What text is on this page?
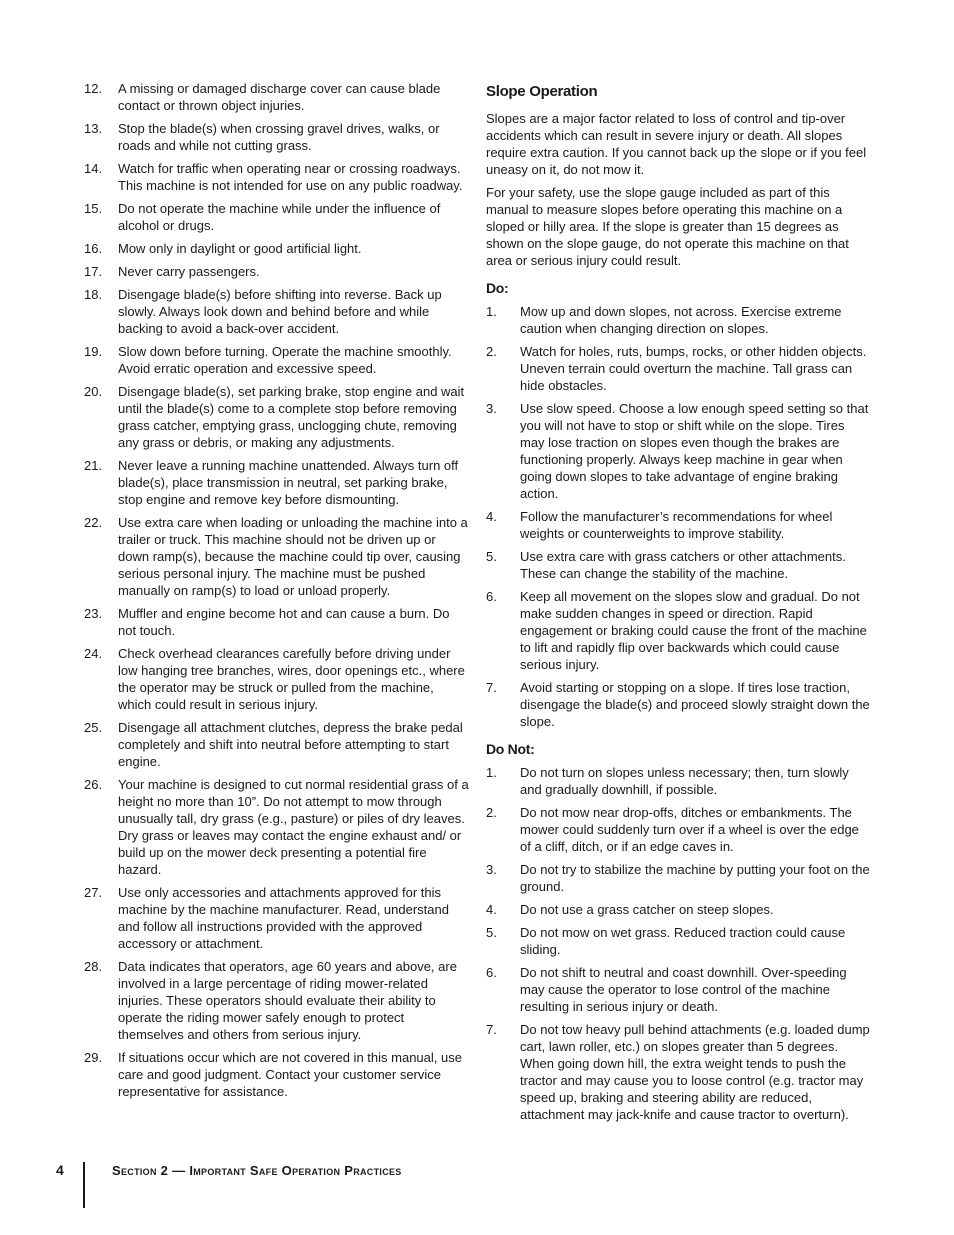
12. A missing or damaged discharge cover can cause blade contact or thrown object injuries.
13. Stop the blade(s) when crossing gravel drives, walks, or roads and while not cutting grass.
14. Watch for traffic when operating near or crossing roadways. This machine is not intended for use on any public roadway.
15. Do not operate the machine while under the influence of alcohol or drugs.
16. Mow only in daylight or good artificial light.
17. Never carry passengers.
18. Disengage blade(s) before shifting into reverse. Back up slowly. Always look down and behind before and while backing to avoid a back-over accident.
19. Slow down before turning. Operate the machine smoothly. Avoid erratic operation and excessive speed.
20. Disengage blade(s), set parking brake, stop engine and wait until the blade(s) come to a complete stop before removing grass catcher, emptying grass, unclogging chute, removing any grass or debris, or making any adjustments.
21. Never leave a running machine unattended. Always turn off blade(s), place transmission in neutral, set parking brake, stop engine and remove key before dismounting.
22. Use extra care when loading or unloading the machine into a trailer or truck. This machine should not be driven up or down ramp(s), because the machine could tip over, causing serious personal injury. The machine must be pushed manually on ramp(s) to load or unload properly.
23. Muffler and engine become hot and can cause a burn. Do not touch.
24. Check overhead clearances carefully before driving under low hanging tree branches, wires, door openings etc., where the operator may be struck or pulled from the machine, which could result in serious injury.
25. Disengage all attachment clutches, depress the brake pedal completely and shift into neutral before attempting to start engine.
26. Your machine is designed to cut normal residential grass of a height no more than 10”. Do not attempt to mow through unusually tall, dry grass (e.g., pasture) or piles of dry leaves. Dry grass or leaves may contact the engine exhaust and/ or build up on the mower deck presenting a potential fire hazard.
27. Use only accessories and attachments approved for this machine by the machine manufacturer. Read, understand and follow all instructions provided with the approved accessory or attachment.
28. Data indicates that operators, age 60 years and above, are involved in a large percentage of riding mower-related injuries. These operators should evaluate their ability to operate the riding mower safely enough to protect themselves and others from serious injury.
29. If situations occur which are not covered in this manual, use care and good judgment. Contact your customer service representative for assistance.
Slope Operation

Slopes are a major factor related to loss of control and tip-over accidents which can result in severe injury or death. All slopes require extra caution. If you cannot back up the slope or if you feel uneasy on it, do not mow it.

For your safety, use the slope gauge included as part of this manual to measure slopes before operating this machine on a sloped or hilly area. If the slope is greater than 15 degrees as shown on the slope gauge, do not operate this machine on that area or serious injury could result.

Do:
1. Mow up and down slopes, not across. Exercise extreme caution when changing direction on slopes.
2. Watch for holes, ruts, bumps, rocks, or other hidden objects. Uneven terrain could overturn the machine. Tall grass can hide obstacles.
3. Use slow speed. Choose a low enough speed setting so that you will not have to stop or shift while on the slope. Tires may lose traction on slopes even though the brakes are functioning properly. Always keep machine in gear when going down slopes to take advantage of engine braking action.
4. Follow the manufacturer’s recommendations for wheel weights or counterweights to improve stability.
5. Use extra care with grass catchers or other attachments. These can change the stability of the machine.
6. Keep all movement on the slopes slow and gradual. Do not make sudden changes in speed or direction. Rapid engagement or braking could cause the front of the machine to lift and rapidly flip over backwards which could cause serious injury.
7. Avoid starting or stopping on a slope. If tires lose traction, disengage the blade(s) and proceed slowly straight down the slope.
Do Not:
1. Do not turn on slopes unless necessary; then, turn slowly and gradually downhill, if possible.
2. Do not mow near drop-offs, ditches or embankments. The mower could suddenly turn over if a wheel is over the edge of a cliff, ditch, or if an edge caves in.
3. Do not try to stabilize the machine by putting your foot on the ground.
4. Do not use a grass catcher on steep slopes.
5. Do not mow on wet grass. Reduced traction could cause sliding.
6. Do not shift to neutral and coast downhill. Over-speeding may cause the operator to lose control of the machine resulting in serious injury or death.
7. Do not tow heavy pull behind attachments (e.g. loaded dump cart, lawn roller, etc.) on slopes greater than 5 degrees. When going down hill, the extra weight tends to push the tractor and may cause you to loose control (e.g. tractor may speed up, braking and steering ability are reduced, attachment may jack-knife and cause tractor to overturn).
4	Section 2 — Important Safe Operation Practices
